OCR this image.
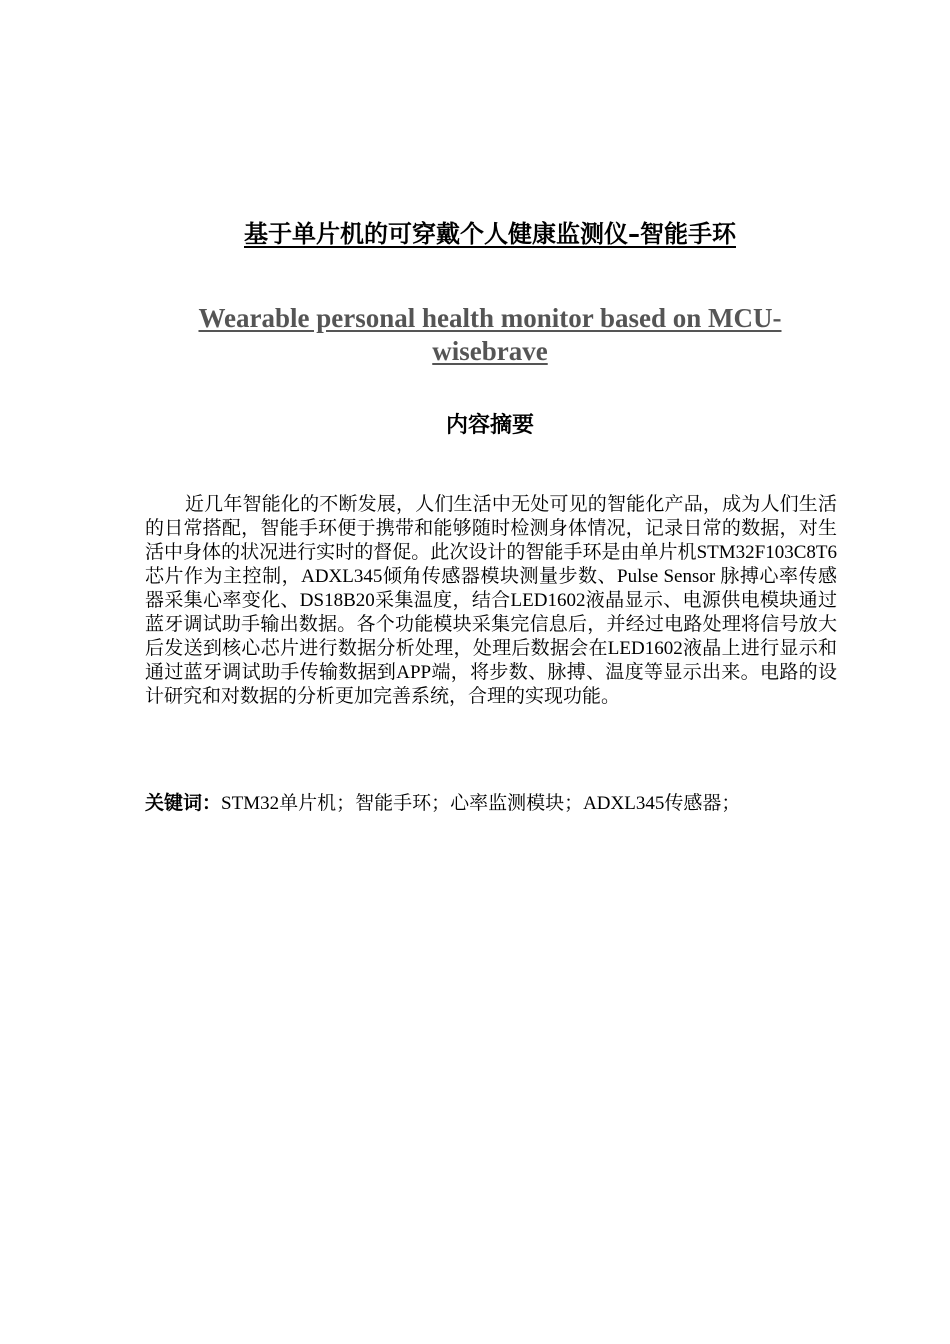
基于单片机的可穿戴个人健康监测仪–智能手环
Wearable personal health monitor based on MCU-wisebrave
内容摘要

近几年智能化的不断发展，人们生活中无处可见的智能化产品，成为人们生活的日常搭配，智能手环便于携带和能够随时检测身体情况，记录日常的数据，对生活中身体的状况进行实时的督促。此次设计的智能手环是由单片机STM32F103C8T6芯片作为主控制，ADXL345倾角传感器模块测量步数、Pulse Sensor 脉搏心率传感器采集心率变化、DS18B20采集温度，结合LED1602液晶显示、电源供电模块通过蓝牙调试助手输出数据。各个功能模块采集完信息后，并经过电路处理将信号放大后发送到核心芯片进行数据分析处理，处理后数据会在LED1602液晶上进行显示和通过蓝牙调试助手传输数据到APP端，将步数、脉搏、温度等显示出来。电路的设计研究和对数据的分析更加完善系统，合理的实现功能。

关键词：STM32单片机；智能手环；心率监测模块；ADXL345传感器；
